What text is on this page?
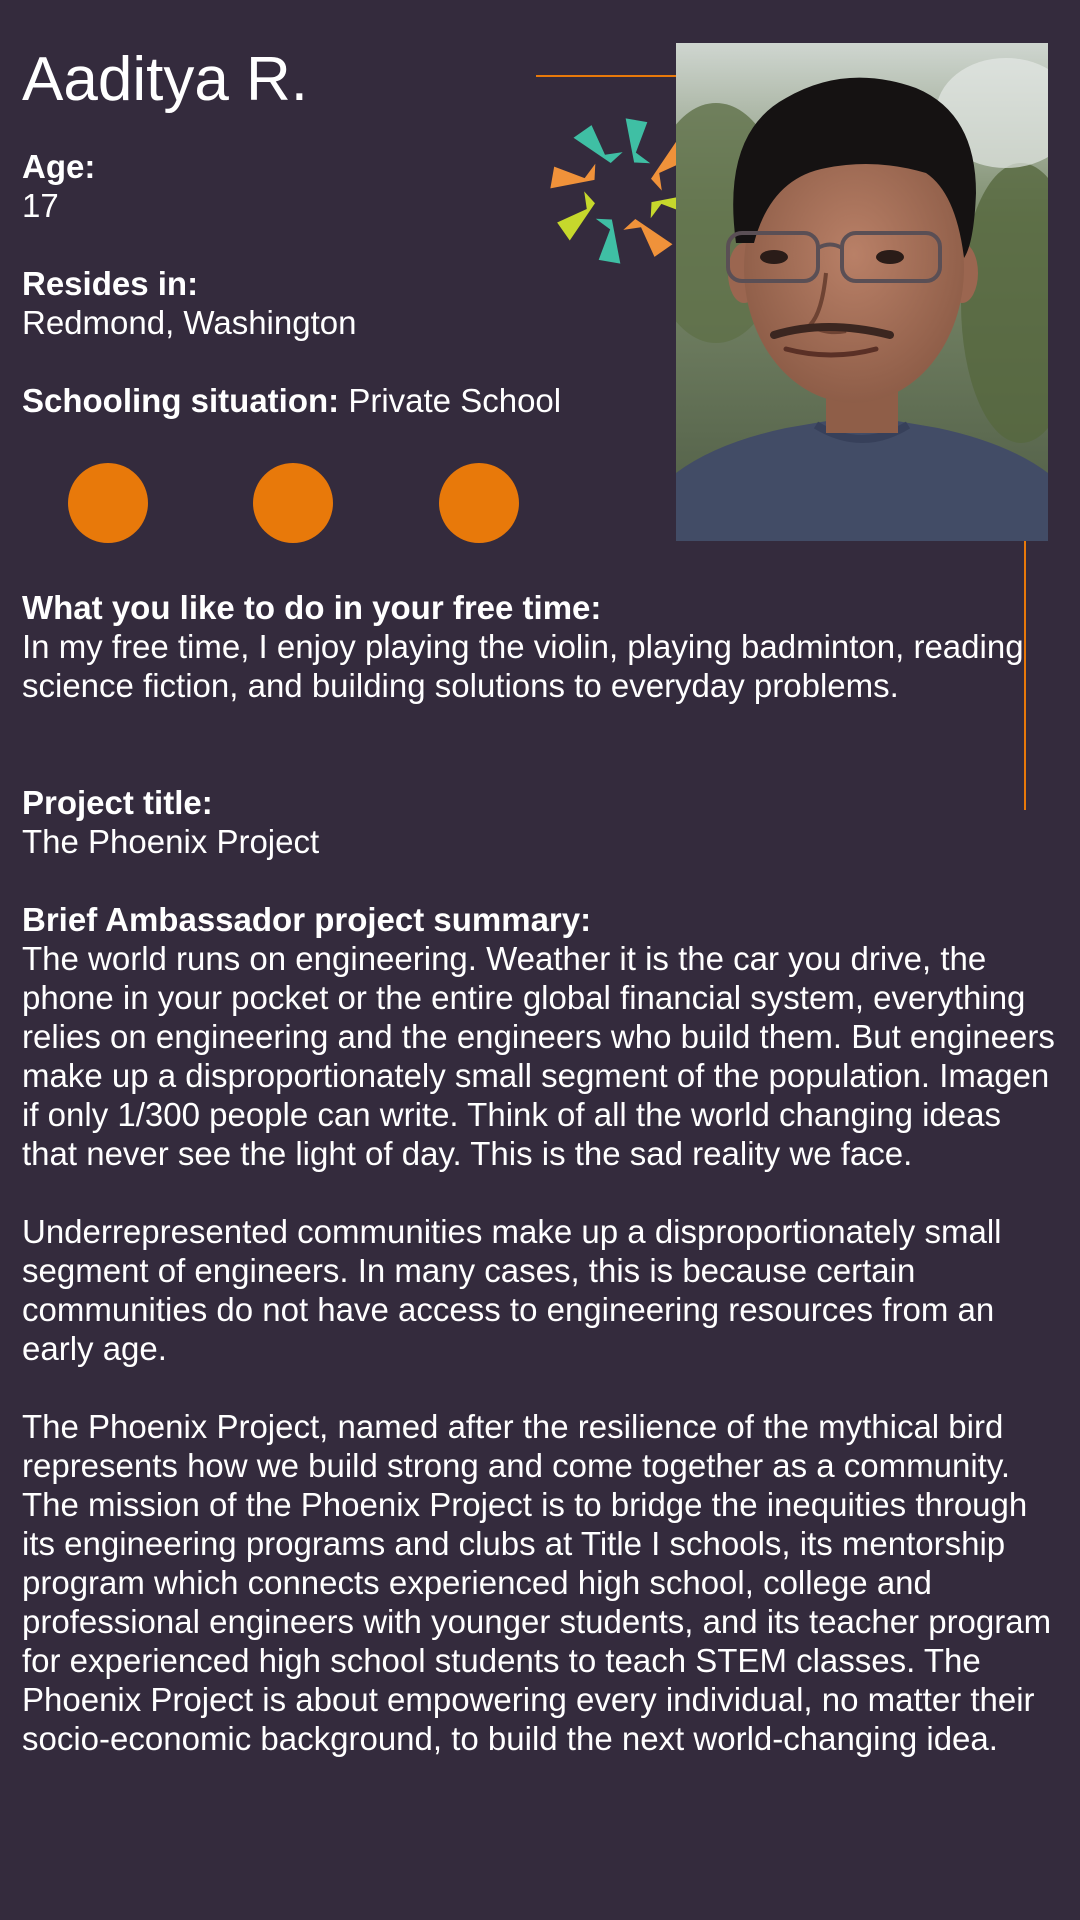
Aaditya R.
Age:
17
Resides in:
Redmond, Washington
Schooling situation: Private School
What you like to do in your free time:
In my free time, I enjoy playing the violin, playing badminton, reading science fiction, and building solutions to everyday problems.
Project title:
The Phoenix Project
Brief Ambassador project summary:
The world runs on engineering. Weather it is the car you drive, the phone in your pocket or the entire global financial system, everything relies on engineering and the engineers who build them. But engineers make up a disproportionately small segment of the population. Imagen if only 1/300 people can write. Think of all the world changing ideas that never see the light of day. This is the sad reality we face.
Underrepresented communities make up a disproportionately small segment of engineers. In many cases, this is because certain communities do not have access to engineering resources from an early age.
The Phoenix Project, named after the resilience of the mythical bird represents how we build strong and come together as a community. The mission of the Phoenix Project is to bridge the inequities through its engineering programs and clubs at Title I schools, its mentorship program which connects experienced high school, college and professional engineers with younger students, and its teacher program for experienced high school students to teach STEM classes. The Phoenix Project is about empowering every individual, no matter their socio-economic background, to build the next world-changing idea.
